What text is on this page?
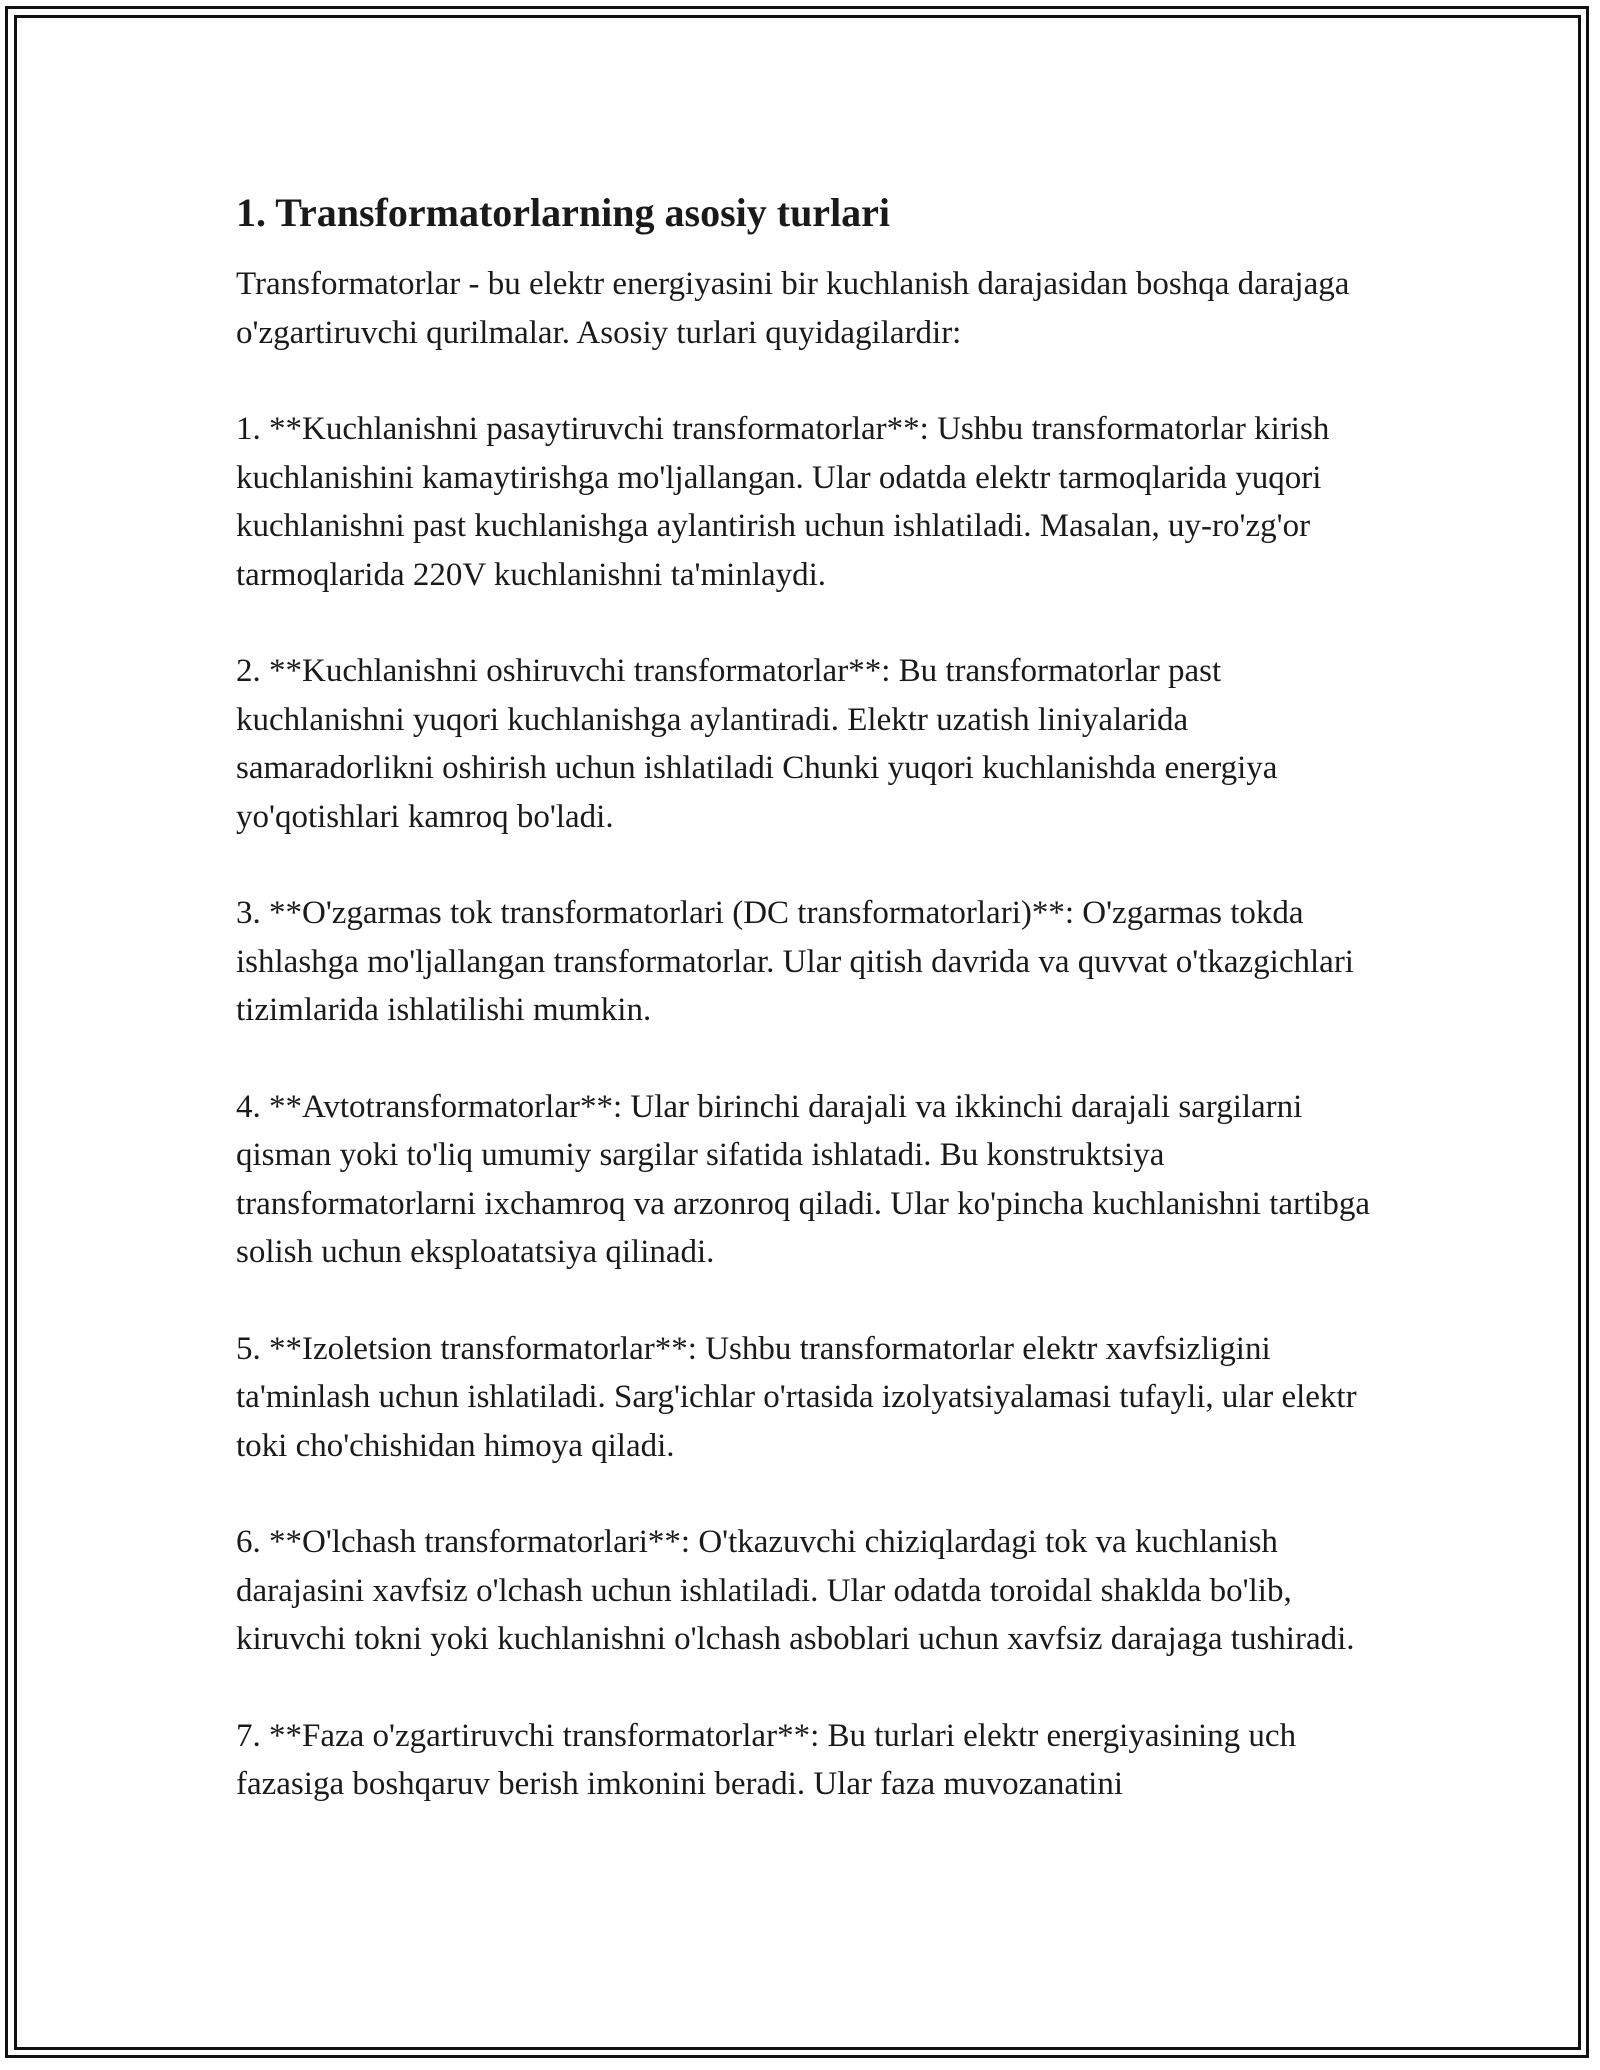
1. Transformatorlarning asosiy turlari

Transformatorlar - bu elektr energiyasini bir kuchlanish darajasidan boshqa darajaga o'zgartiruvchi qurilmalar. Asosiy turlari quyidagilardir:

1. **Kuchlanishni pasaytiruvchi transformatorlar**: Ushbu transformatorlar kirish kuchlanishini kamaytirishga mo'ljallangan. Ular odatda elektr tarmoqlarida yuqori kuchlanishni past kuchlanishga aylantirish uchun ishlatiladi. Masalan, uy-ro'zg'or tarmoqlarida 220V kuchlanishni ta'minlaydi.

2. **Kuchlanishni oshiruvchi transformatorlar**: Bu transformatorlar past kuchlanishni yuqori kuchlanishga aylantiradi. Elektr uzatish liniyalarida samaradorlikni oshirish uchun ishlatiladi Chunki yuqori kuchlanishda energiya yo'qotishlari kamroq bo'ladi.

3. **O'zgarmas tok transformatorlari (DC transformatorlari)**: O'zgarmas tokda ishlashga mo'ljallangan transformatorlar. Ular qitish davrida va quvvat o'tkazgichlari tizimlarida ishlatilishi mumkin.

4. **Avtotransformatorlar**: Ular birinchi darajali va ikkinchi darajali sargilarni qisman yoki to'liq umumiy sargilar sifatida ishlatadi. Bu konstruktsiya transformatorlarni ixchamroq va arzonroq qiladi. Ular ko'pincha kuchlanishni tartibga solish uchun eksploatatsiya qilinadi.

5. **Izoletsion transformatorlar**: Ushbu transformatorlar elektr xavfsizligini ta'minlash uchun ishlatiladi. Sarg'ichlar o'rtasida izolyatsiyalamasi tufayli, ular elektr toki cho'chishidan himoya qiladi.

6. **O'lchash transformatorlari**: O'tkazuvchi chiziqlardagi tok va kuchlanish darajasini xavfsiz o'lchash uchun ishlatiladi. Ular odatda toroidal shaklda bo'lib, kiruvchi tokni yoki kuchlanishni o'lchash asboblari uchun xavfsiz darajaga tushiradi.

7. **Faza o'zgartiruvchi transformatorlar**: Bu turlari elektr energiyasining uch fazasiga boshqaruv berish imkonini beradi. Ular faza muvozanatini
